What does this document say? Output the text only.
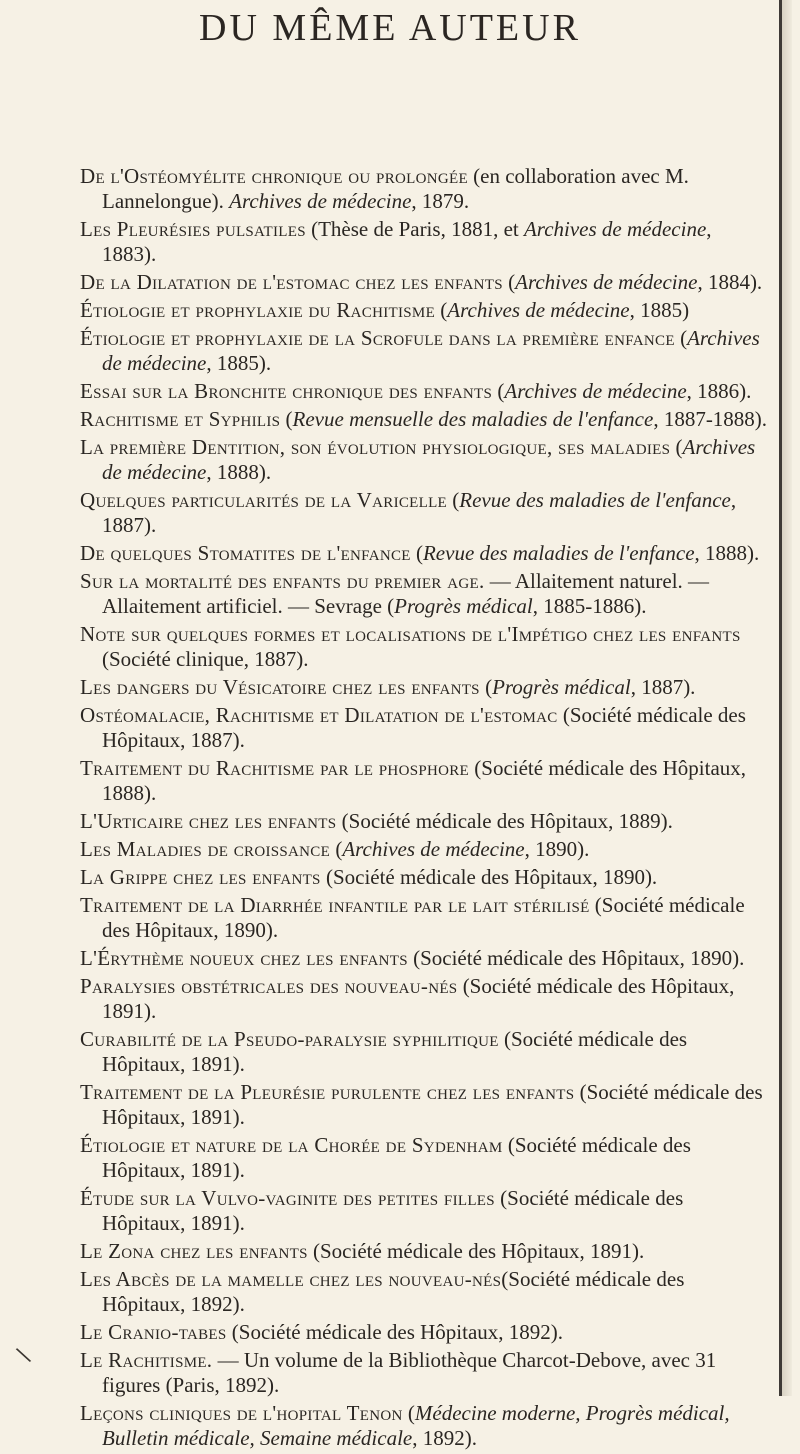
DU MÊME AUTEUR
De l'Ostéomyélite chronique ou prolongée (en collaboration avec M. Lannelongue). Archives de médecine, 1879.
Les Pleurésies pulsatiles (Thèse de Paris, 1881, et Archives de médecine, 1883).
De la Dilatation de l'estomac chez les enfants (Archives de médecine, 1884).
Étiologie et prophylaxie du Rachitisme (Archives de médecine, 1885)
Étiologie et prophylaxie de la Scrofule dans la première enfance (Archives de médecine, 1885).
Essai sur la Bronchite chronique des enfants (Archives de médecine, 1886).
Rachitisme et Syphilis (Revue mensuelle des maladies de l'enfance, 1887-1888).
La première Dentition, son évolution physiologique, ses maladies (Archives de médecine, 1888).
Quelques particularités de la Varicelle (Revue des maladies de l'enfance, 1887).
De quelques Stomatites de l'enfance (Revue des maladies de l'enfance, 1888).
Sur la mortalité des enfants du premier age. — Allaitement naturel. — Allaitement artificiel. — Sevrage (Progrès médical, 1885-1886).
Note sur quelques formes et localisations de l'Impétigo chez les enfants (Société clinique, 1887).
Les dangers du Vésicatoire chez les enfants (Progrès médical, 1887).
Ostéomalacie, Rachitisme et Dilatation de l'estomac (Société médicale des Hôpitaux, 1887).
Traitement du Rachitisme par le phosphore (Société médicale des Hôpitaux, 1888).
L'Urticaire chez les enfants (Société médicale des Hôpitaux, 1889).
Les Maladies de croissance (Archives de médecine, 1890).
La Grippe chez les enfants (Société médicale des Hôpitaux, 1890).
Traitement de la Diarrhée infantile par le lait stérilisé (Société médicale des Hôpitaux, 1890).
L'Érythème noueux chez les enfants (Société médicale des Hôpitaux, 1890).
Paralysies obstétricales des nouveau-nés (Société médicale des Hôpitaux, 1891).
Curabilité de la Pseudo-paralysie syphilitique (Société médicale des Hôpitaux, 1891).
Traitement de la Pleurésie purulente chez les enfants (Société médicale des Hôpitaux, 1891).
Étiologie et nature de la Chorée de Sydenham (Société médicale des Hôpitaux, 1891).
Étude sur la Vulvo-vaginite des petites filles (Société médicale des Hôpitaux, 1891).
Le Zona chez les enfants (Société médicale des Hôpitaux, 1891).
Les Abcès de la mamelle chez les nouveau-nés(Société médicale des Hôpitaux, 1892).
Le Cranio-tabes (Société médicale des Hôpitaux, 1892).
Le Rachitisme. — Un volume de la Bibliothèque Charcot-Debove, avec 31 figures (Paris, 1892).
Leçons cliniques de l'hopital Tenon (Médecine moderne, Progrès médical, Bulletin médicale, Semaine médicale, 1892).
\
